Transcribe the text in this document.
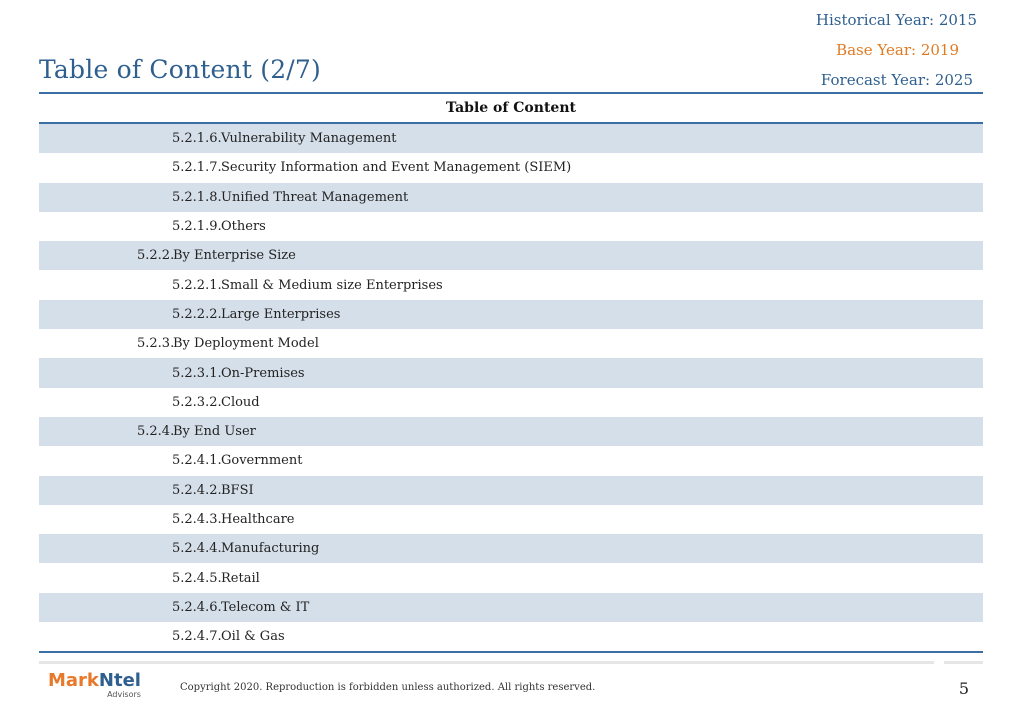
Historical Year: 2015
Base Year: 2019
Forecast Year: 2025
Table of Content (2/7)
Table of Content
5.2.1.6. Vulnerability Management
5.2.1.7. Security Information and Event Management (SIEM)
5.2.1.8. Unified Threat Management
5.2.1.9. Others
5.2.2.
By Enterprise Size
5.2.2.1. Small & Medium size Enterprises
5.2.2.2. Large Enterprises
5.2.3.
By Deployment Model
5.2.3.1. On-Premises
5.2.3.2. Cloud
5.2.4.
By End User
5.2.4.1. Government
5.2.4.2. BFSI
5.2.4.3. Healthcare
5.2.4.4. Manufacturing
5.2.4.5. Retail
5.2.4.6. Telecom & IT
5.2.4.7. Oil & Gas
MarkNtel
Advisors
Copyright 2020. Reproduction is forbidden unless authorized. All rights reserved.	5
